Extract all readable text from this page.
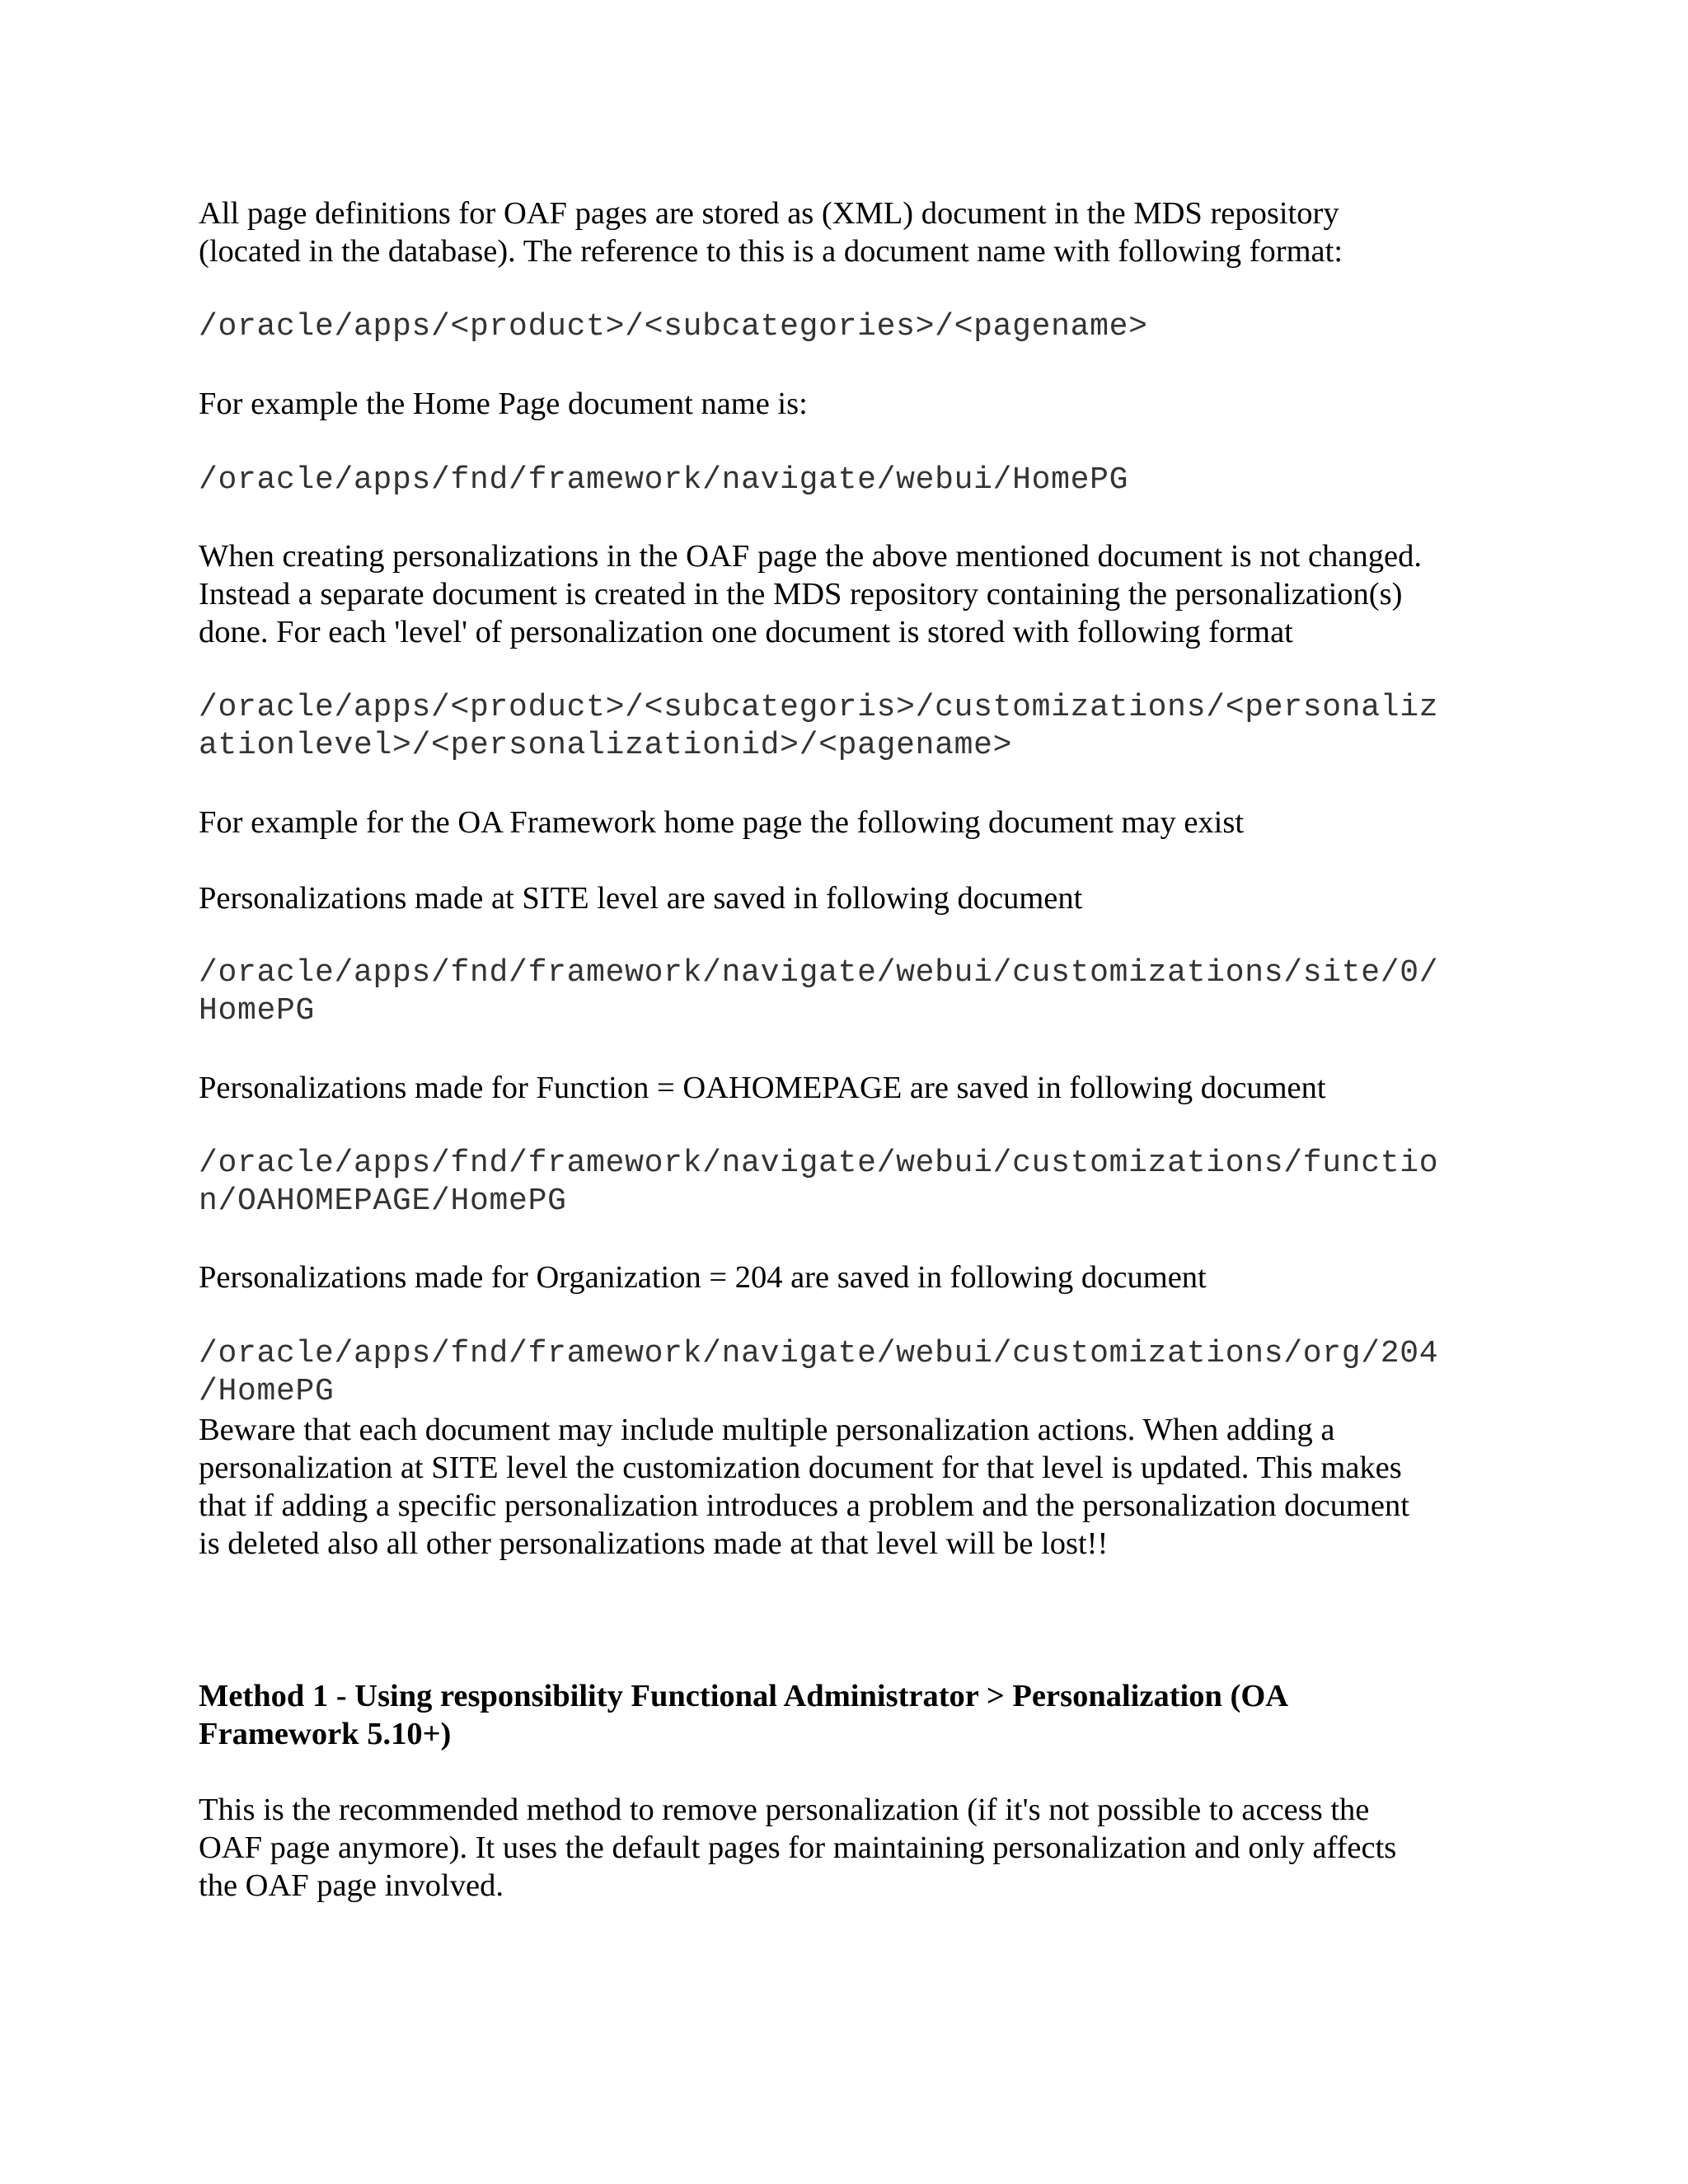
All page definitions for OAF pages are stored as (XML) document in the MDS repository

(located in the database). The reference to this is a document name with following format:

/oracle/apps/<product>/<subcategories>/<pagename>

For example the Home Page document name is:

/oracle/apps/fnd/framework/navigate/webui/HomePG

When creating personalizations in the OAF page the above mentioned document is not changed.

Instead a separate document is created in the MDS repository containing the personalization(s)

done. For each 'level' of personalization one document is stored with following format

/oracle/apps/<product>/<subcategoris>/customizations/<personaliz

ationlevel>/<personalizationid>/<pagename>

For example for the OA Framework home page the following document may exist

Personalizations made at SITE level are saved in following document

/oracle/apps/fnd/framework/navigate/webui/customizations/site/0/

HomePG

Personalizations made for Function = OAHOMEPAGE are saved in following document

/oracle/apps/fnd/framework/navigate/webui/customizations/functio

n/OAHOMEPAGE/HomePG

Personalizations made for Organization = 204 are saved in following document

/oracle/apps/fnd/framework/navigate/webui/customizations/org/204

/HomePG

Beware that each document may include multiple personalization actions. When adding a

personalization at SITE level the customization document for that level is updated. This makes

that if adding a specific personalization introduces a problem and the personalization document

is deleted also all other personalizations made at that level will be lost!!

Method 1 - Using responsibility Functional Administrator > Personalization (OA

Framework 5.10+)

This is the recommended method to remove personalization (if it's not possible to access the

OAF page anymore). It uses the default pages for maintaining personalization and only affects

the OAF page involved.
